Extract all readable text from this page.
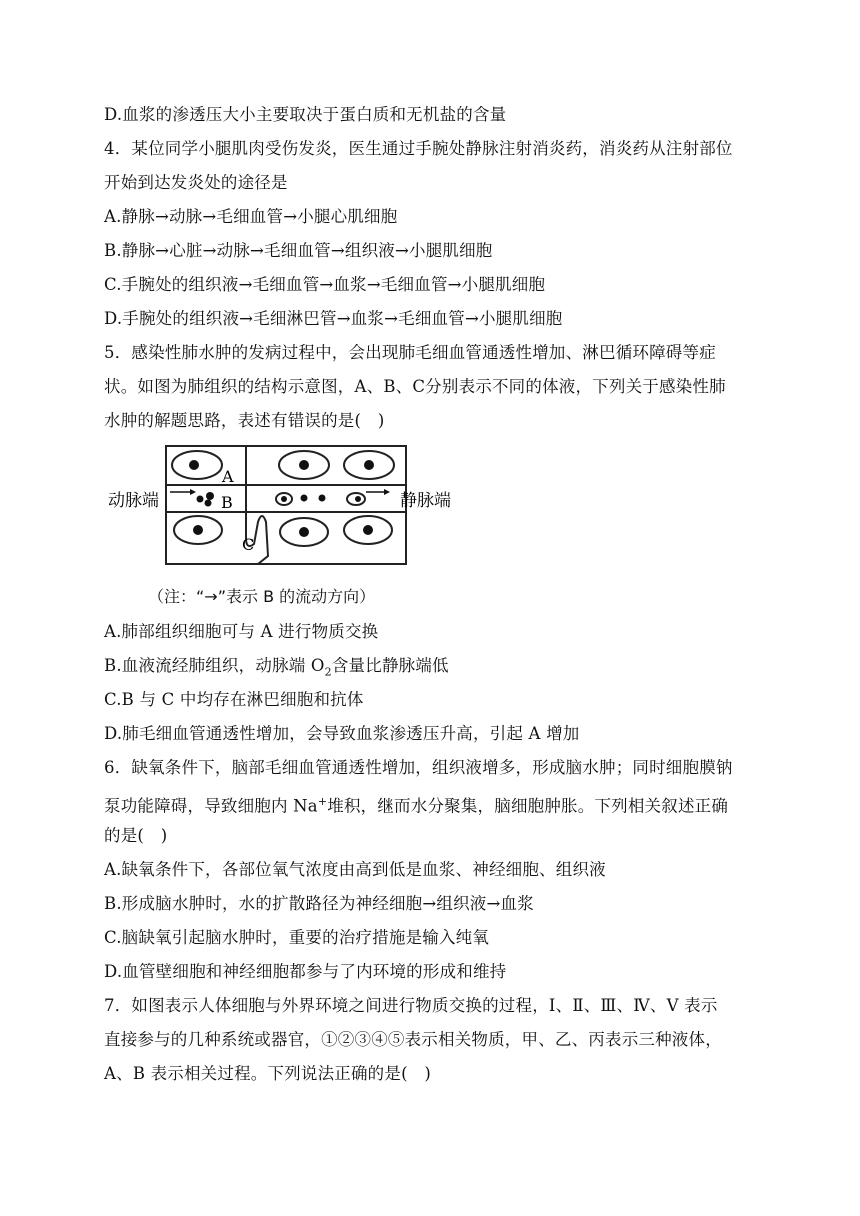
D.血浆的渗透压大小主要取决于蛋白质和无机盐的含量
4．某位同学小腿肌肉受伤发炎，医生通过手腕处静脉注射消炎药，消炎药从注射部位
开始到达发炎处的途径是
A.静脉→动脉→毛细血管→小腿心肌细胞
B.静脉→心脏→动脉→毛细血管→组织液→小腿肌细胞
C.手腕处的组织液→毛细血管→血浆→毛细血管→小腿肌细胞
D.手腕处的组织液→毛细淋巴管→血浆→毛细血管→小腿肌细胞
5．感染性肺水肿的发病过程中，会出现肺毛细血管通透性增加、淋巴循环障碍等症
状。如图为肺组织的结构示意图，A、B、C分别表示不同的体液，下列关于感染性肺
水肿的解题思路，表述有错误的是(　)
A
B
C
动脉端	静脉端
（注：“→”表示 B 的流动方向）
A.肺部组织细胞可与 A 进行物质交换
B.血液流经肺组织，动脉端 $O_2$含量比静脉端低
C.B 与 C 中均存在淋巴细胞和抗体
D.肺毛细血管通透性增加，会导致血浆渗透压升高，引起 A 增加
6．缺氧条件下，脑部毛细血管通透性增加，组织液增多，形成脑水肿；同时细胞膜钠
泵功能障碍，导致细胞内 Na+堆积，继而水分聚集，脑细胞肿胀。下列相关叙述正确
的是(　)
A.缺氧条件下，各部位氧气浓度由高到低是血浆、神经细胞、组织液
B.形成脑水肿时，水的扩散路径为神经细胞→组织液→血浆
C.脑缺氧引起脑水肿时，重要的治疗措施是输入纯氧
D.血管壁细胞和神经细胞都参与了内环境的形成和维持
7．如图表示人体细胞与外界环境之间进行物质交换的过程，I、Ⅱ、Ⅲ、Ⅳ、V 表示
直接参与的几种系统或器官，①②③④⑤表示相关物质，甲、乙、丙表示三种液体，
A、B 表示相关过程。下列说法正确的是(　)
